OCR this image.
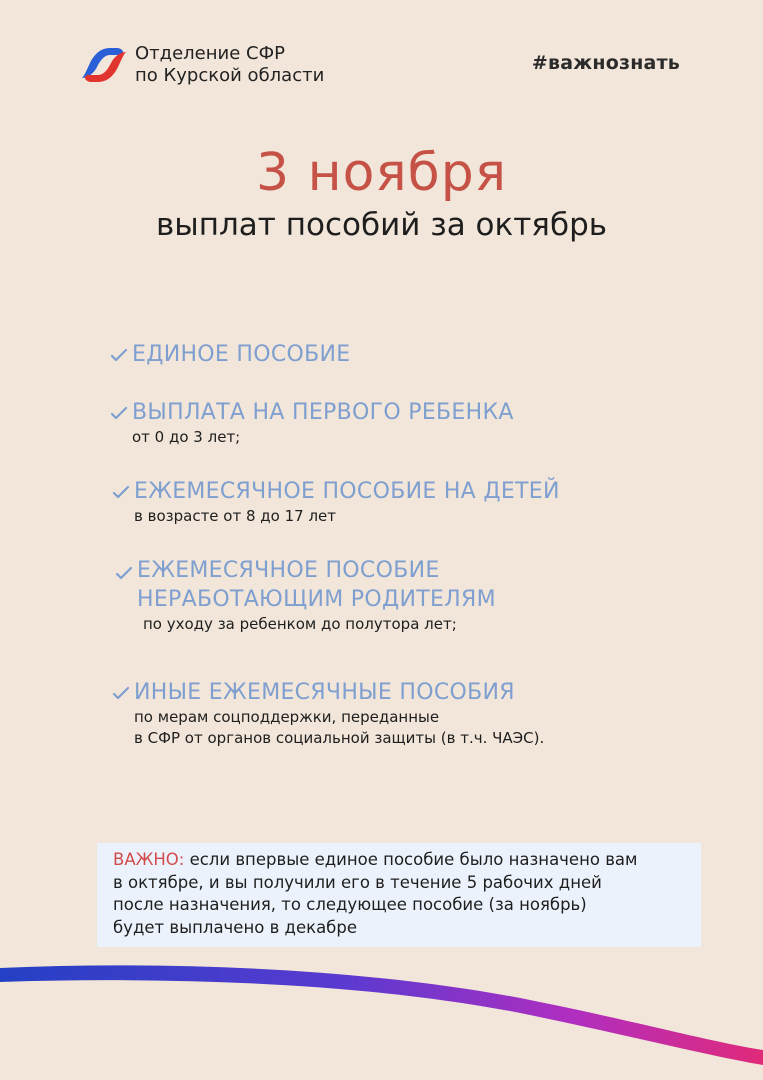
Отделение СФР
по Курской области
#важнознать
3 ноября
выплат пособий за октябрь
ЕДИНОЕ ПОСОБИЕ
ВЫПЛАТА НА ПЕРВОГО РЕБЕНКА
от 0 до 3 лет;
ЕЖЕМЕСЯЧНОЕ ПОСОБИЕ НА ДЕТЕЙ
в возрасте от 8 до 17 лет
ЕЖЕМЕСЯЧНОЕ ПОСОБИЕ
НЕРАБОТАЮЩИМ РОДИТЕЛЯМ
по уходу за ребенком до полутора лет;
ИНЫЕ ЕЖЕМЕСЯЧНЫЕ ПОСОБИЯ
по мерам соцподдержки, переданные
в СФР от органов социальной защиты (в т.ч. ЧАЭС).
ВАЖНО: если впервые единое пособие было назначено вам
в октябре, и вы получили его в течение 5 рабочих дней
после назначения, то следующее пособие (за ноябрь)
будет выплачено в декабре
